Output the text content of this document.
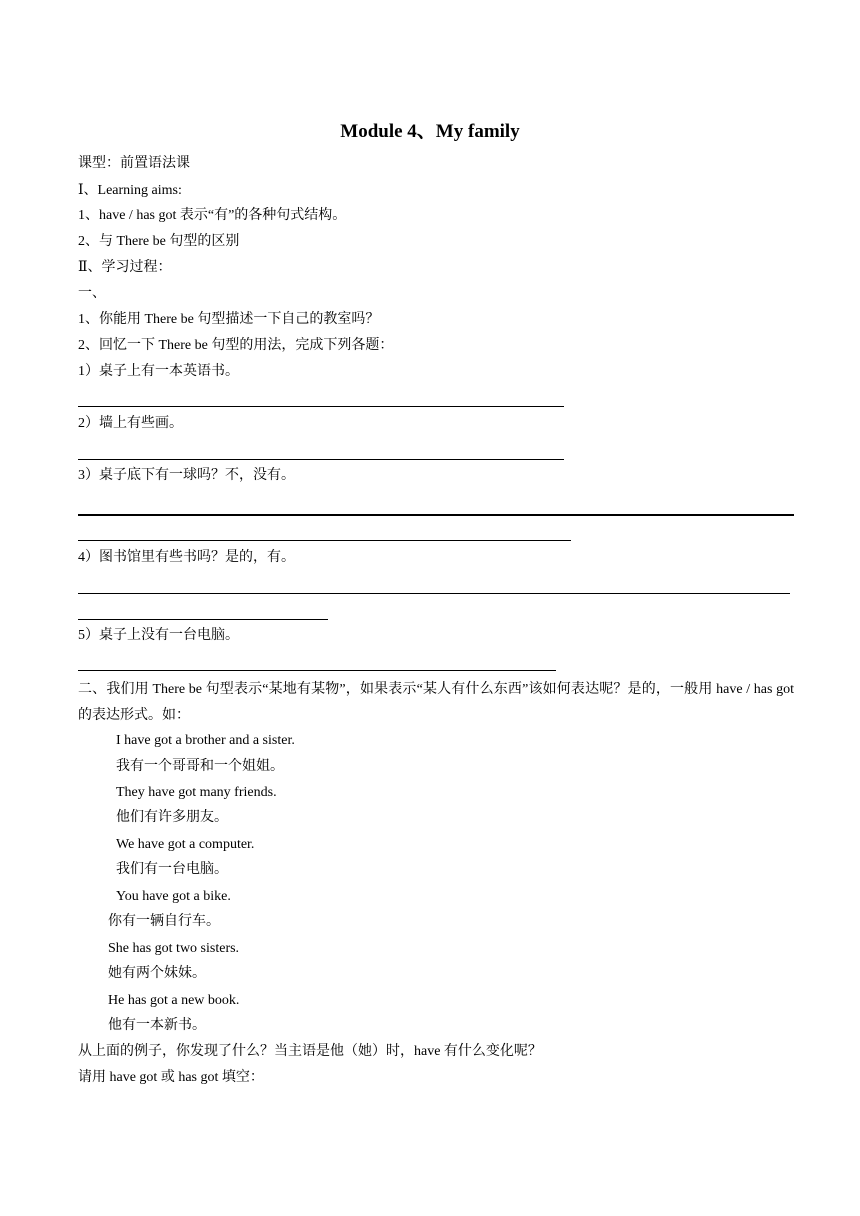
Module 4、My family
课型：前置语法课
Ⅰ、Learning aims:
1、have / has got 表示“有”的各种句式结构。
2、与 There be 句型的区别
Ⅱ、学习过程：
一、
1、你能用 There be 句型描述一下自己的教室吗？
2、回忆一下 There be 句型的用法，完成下列各题：
1）桌子上有一本英语书。
2）墙上有些画。
3）桌子底下有一球吗？不，没有。
4）图书馆里有些书吗？是的，有。
5）桌子上没有一台电脑。
二、我们用 There be 句型表示“某地有某物”，如果表示“某人有什么东西”该如何表达呢？是的，一般用 have / has got 的表达形式。如：
I have got a brother and a sister.
我有一个哥哥和一个姐姐。
They have got many friends.
他们有许多朋友。
We have got a computer.
我们有一台电脑。
You have got a bike.
你有一辆自行车。
She has got two sisters.
她有两个妹妹。
He has got a new book.
他有一本新书。
从上面的例子，你发现了什么？当主语是他（她）时，have 有什么变化呢？
请用 have got 或 has got 填空：
